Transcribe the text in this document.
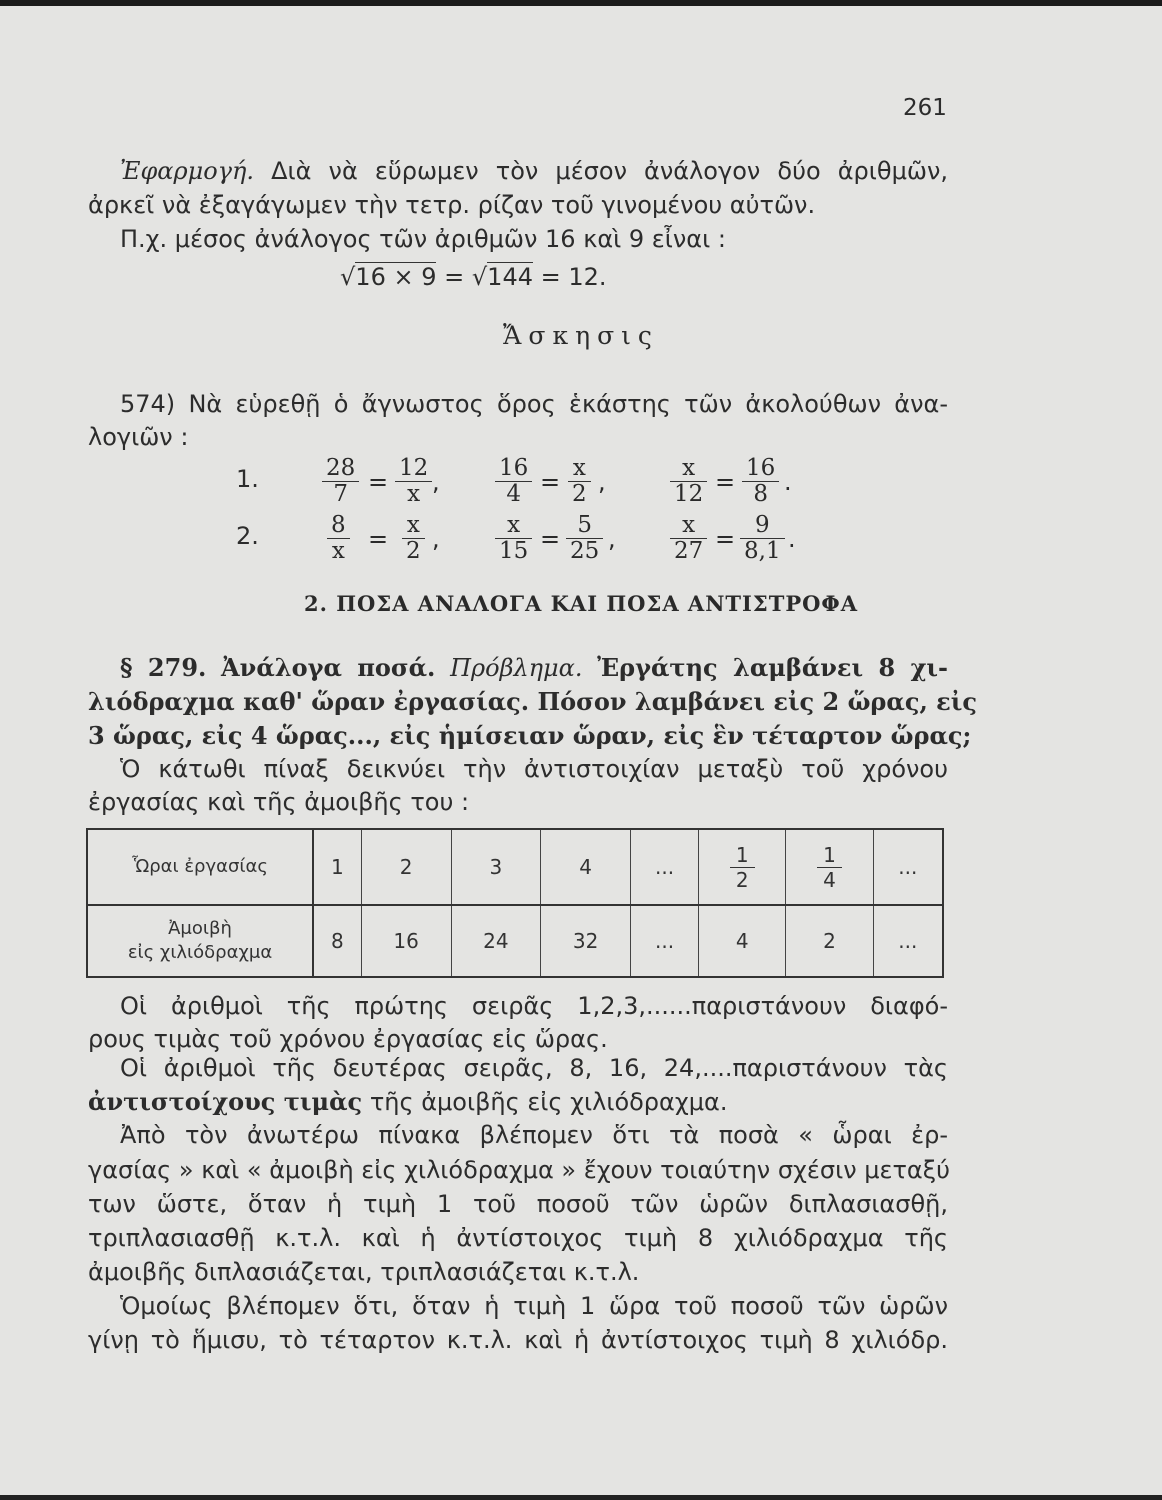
261
Ἐφαρμογή. Διὰ νὰ εὕρωμεν τὸν μέσον ἀνάλογον δύο ἀριθμῶν,
ἀρκεῖ νὰ ἐξαγάγωμεν τὴν τετρ. ρίζαν τοῦ γινομένου αὐτῶν.
Π.χ. μέσος ἀνάλογος τῶν ἀριθμῶν 16 καὶ 9 εἶναι :
√16 × 9 = √144 = 12.
Ἄσκησις
574) Νὰ εὑρεθῇ ὁ ἄγνωστος ὅρος ἑκάστης τῶν ἀκολούθων ἀνα-
λογιῶν :
1.
2.
$\frac{28}{7} = \frac{12}{x}$ , $\frac{16}{4} = \frac{x}{2}$ ,	$\frac{x}{12} = \frac{16}{8}$ .
$\frac{8}{x} = \frac{x}{2}$ , $\frac{x}{15} = \frac{5}{25}$ , $\frac{x}{27} = \frac{9}{8,1}$ .
2. ΠΟΣΑ ΑΝΑΛΟΓΑ ΚΑΙ ΠΟΣΑ ΑΝΤΙΣΤΡΟΦΑ
§ 279. Ἀνάλογα ποσά. Πρόβλημα. Ἐργάτης λαμβάνει 8 χι-
λιόδραχμα καθ' ὥραν ἐργασίας. Πόσον λαμβάνει εἰς 2 ὥρας, εἰς
3 ὥρας, εἰς 4 ὥρας..., εἰς ἡμίσειαν ὥραν, εἰς ἓν τέταρτον ὥρας;
Ὁ κάτωθι πίναξ δεικνύει τὴν ἀντιστοιχίαν μεταξὺ τοῦ χρόνου
ἐργασίας καὶ τῆς ἀμοιβῆς του :
Ὧραι ἐργασίας	1	2	3	4	...	$\frac{1}{2}$	$\frac{1}{4}$	...
Ἀμοιβὴ
εἰς χιλιόδραχμα	8	16	24	32	...	4	2	...
Οἱ ἀριθμοὶ τῆς πρώτης σειρᾶς 1,2,3,......παριστάνουν διαφό-
ρους τιμὰς τοῦ χρόνου ἐργασίας εἰς ὥρας.
Οἱ ἀριθμοὶ τῆς δευτέρας σειρᾶς, 8, 16, 24,....παριστάνουν τὰς
ἀντιστοίχους τιμὰς τῆς ἀμοιβῆς εἰς χιλιόδραχμα.
Ἀπὸ τὸν ἀνωτέρω πίνακα βλέπομεν ὅτι τὰ ποσὰ « ὧραι ἐρ-
γασίας » καὶ « ἀμοιβὴ εἰς χιλιόδραχμα » ἔχουν τοιαύτην σχέσιν μεταξύ
των ὥστε, ὅταν ἡ τιμὴ 1 τοῦ ποσοῦ τῶν ὡρῶν διπλασιασθῇ,
τριπλασιασθῇ κ.τ.λ. καὶ ἡ ἀντίστοιχος τιμὴ 8 χιλιόδραχμα τῆς
ἀμοιβῆς διπλασιάζεται, τριπλασιάζεται κ.τ.λ.
Ὁμοίως βλέπομεν ὅτι, ὅταν ἡ τιμὴ 1 ὥρα τοῦ ποσοῦ τῶν ὡρῶν
γίνῃ τὸ ἥμισυ, τὸ τέταρτον κ.τ.λ. καὶ ἡ ἀντίστοιχος τιμὴ 8 χιλιόδρ.
